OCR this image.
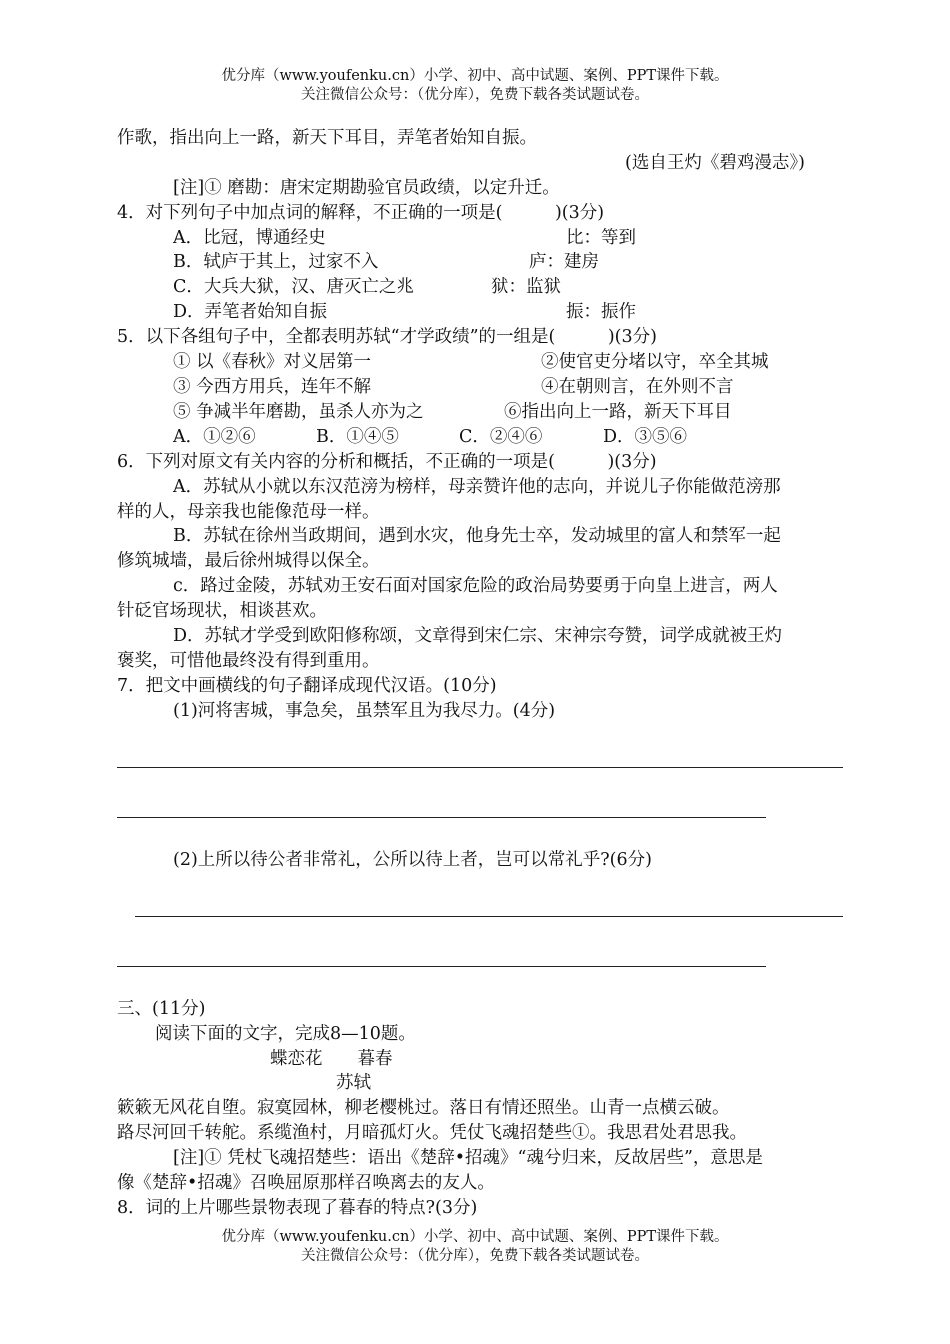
优分库（www.youfenku.cn）小学、初中、高中试题、案例、PPT课件下载。
关注微信公众号：（优分库），免费下载各类试题试卷。
作歌，指出向上一路，新天下耳目，弄笔者始知自振。
(选自王灼《碧鸡漫志》)
[注]① 磨勘：唐宋定期勘验官员政绩，以定升迁。
4．对下列句子中加点词的解释，不正确的一项是(　　　)(3分)
A．比冠，博通经史	比：等到
B．轼庐于其上，过家不入	庐：建房
C．大兵大狱，汉、唐灭亡之兆	狱：监狱
D．弄笔者始知自振	振：振作
5．以下各组句子中，全都表明苏轼“才学政绩”的一组是(　　　)(3分)
① 以《春秋》对义居第一	②使官吏分堵以守，卒全其城
③ 今西方用兵，连年不解	④在朝则言，在外则不言
⑤ 争减半年磨勘，虽杀人亦为之	⑥指出向上一路，新天下耳目
A．①②⑥	B．①④⑤	C．②④⑥	D．③⑤⑥
6．下列对原文有关内容的分析和概括，不正确的一项是(　　　)(3分)
A．苏轼从小就以东汉范滂为榜样，母亲赞许他的志向，并说儿子你能做范滂那
样的人，母亲我也能像范母一样。
B．苏轼在徐州当政期间，遇到水灾，他身先士卒，发动城里的富人和禁军一起
修筑城墙，最后徐州城得以保全。
c．路过金陵，苏轼劝王安石面对国家危险的政治局势要勇于向皇上进言，两人
针砭官场现状，相谈甚欢。
D．苏轼才学受到欧阳修称颂，文章得到宋仁宗、宋神宗夸赞，词学成就被王灼
褒奖，可惜他最终没有得到重用。
7．把文中画横线的句子翻译成现代汉语。(10分)
(1)河将害城，事急矣，虽禁军且为我尽力。(4分)
(2)上所以待公者非常礼，公所以待上者，岂可以常礼乎?(6分)
三、(11分)
阅读下面的文字，完成8—10题。
蝶恋花　　暮春
苏轼
簌簌无风花自堕。寂寞园林，柳老樱桃过。落日有情还照坐。山青一点横云破。
路尽河回千转舵。系缆渔村，月暗孤灯火。凭仗飞魂招楚些①。我思君处君思我。
[注]① 凭杖飞魂招楚些：语出《楚辞•招魂》“魂兮归来，反故居些”，意思是
像《楚辞•招魂》召唤屈原那样召唤离去的友人。
8．词的上片哪些景物表现了暮春的特点?(3分)
优分库（www.youfenku.cn）小学、初中、高中试题、案例、PPT课件下载。
关注微信公众号：（优分库），免费下载各类试题试卷。
